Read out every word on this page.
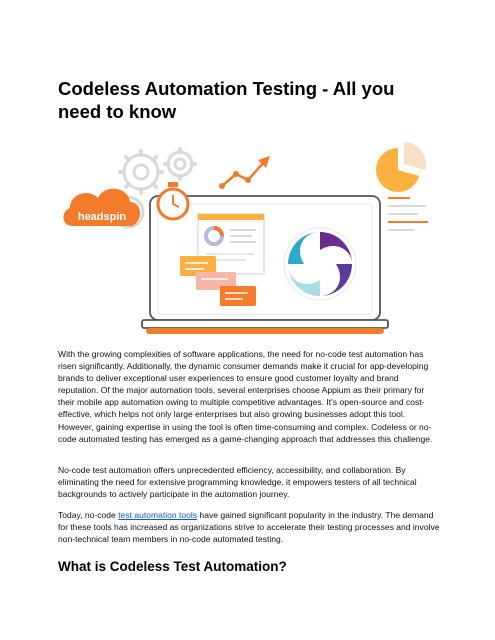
Codeless Automation Testing - All you need to know
headspin

With the growing complexities of software applications, the need for no-code test automation has risen significantly. Additionally, the dynamic consumer demands make it crucial for app-developing brands to deliver exceptional user experiences to ensure good customer loyalty and brand reputation. Of the major automation tools, several enterprises choose Appium as their primary for their mobile app automation owing to multiple competitive advantages. It's open-source and cost-effective, which helps not only large enterprises but also growing businesses adopt this tool. However, gaining expertise in using the tool is often time-consuming and complex. Codeless or no-code automated testing has emerged as a game-changing approach that addresses this challenge.

No-code test automation offers unprecedented efficiency, accessibility, and collaboration. By eliminating the need for extensive programming knowledge, it empowers testers of all technical backgrounds to actively participate in the automation journey.

Today, no-code test automation tools have gained significant popularity in the industry. The demand for these tools has increased as organizations strive to accelerate their testing processes and involve non-technical team members in no-code automated testing.

What is Codeless Test Automation?
